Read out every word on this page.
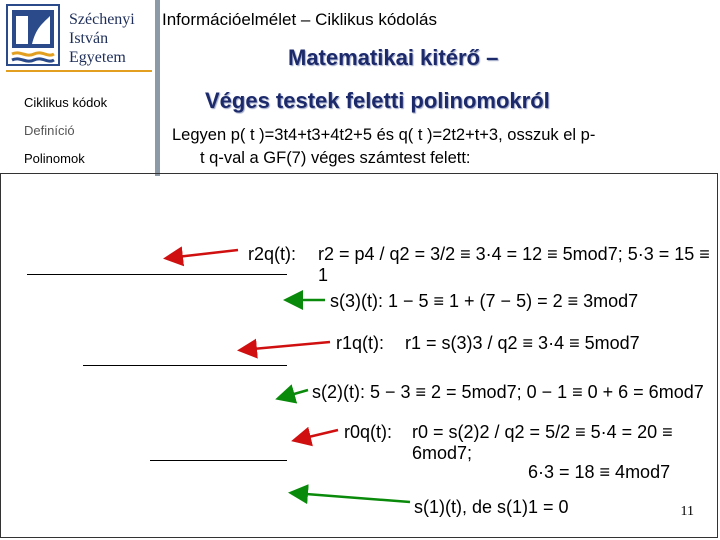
Széchenyi
István
Egyetem
Ciklikus kódok
Definíció
Polinomok
Információelmélet – Ciklikus kódolás
Matematikai kitérő –
Véges testek feletti polinomokról
Legyen p( t )=3t4+t3+4t2+5 és q( t )=2t2+t+3, osszuk el p-
t q-val a GF(7) véges számtest felett:
r2q(t): r2 = p4 / q2 = 3/2 ≡ 3·4 = 12 ≡ 5mod7; 5·3 = 15 ≡ 1
s(3)(t): 1 − 5 ≡ 1 + (7 − 5) = 2 ≡ 3mod7
r1q(t): r1 = s(3)3 / q2 ≡ 3·4 ≡ 5mod7
s(2)(t): 5 − 3 ≡ 2 = 5mod7; 0 − 1 ≡ 0 + 6 = 6mod7
r0q(t): r0 = s(2)2 / q2 = 5/2 ≡ 5·4 = 20 ≡ 6mod7;
6·3 = 18 ≡ 4mod7
s(1)(t), de s(1)1 = 0	11
